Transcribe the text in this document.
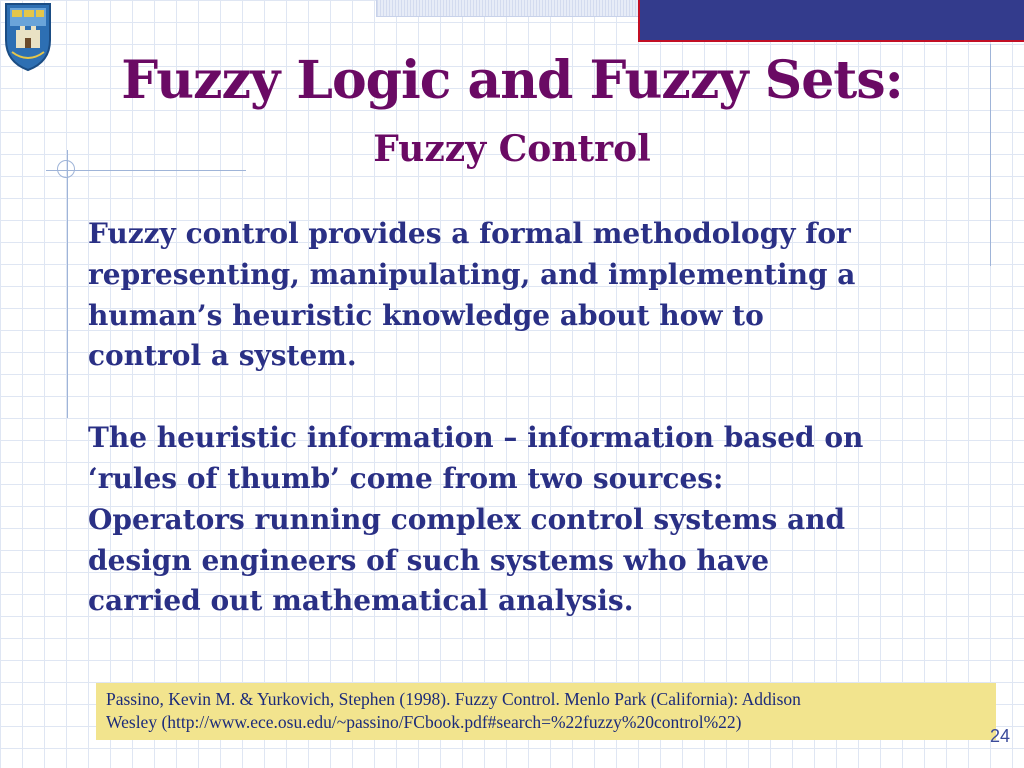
Fuzzy Logic and Fuzzy Sets:
Fuzzy Control

Fuzzy control provides a formal methodology for
representing, manipulating, and implementing a
human’s heuristic knowledge about how to
control a system.

The heuristic information – information based on
‘rules of thumb’ come from two sources:
Operators running complex control systems and
design engineers of such systems who have
carried out mathematical analysis.

Passino, Kevin M. & Yurkovich, Stephen (1998). Fuzzy Control. Menlo Park (California): Addison
Wesley (http://www.ece.osu.edu/~passino/FCbook.pdf#search=%22fuzzy%20control%22)
24
